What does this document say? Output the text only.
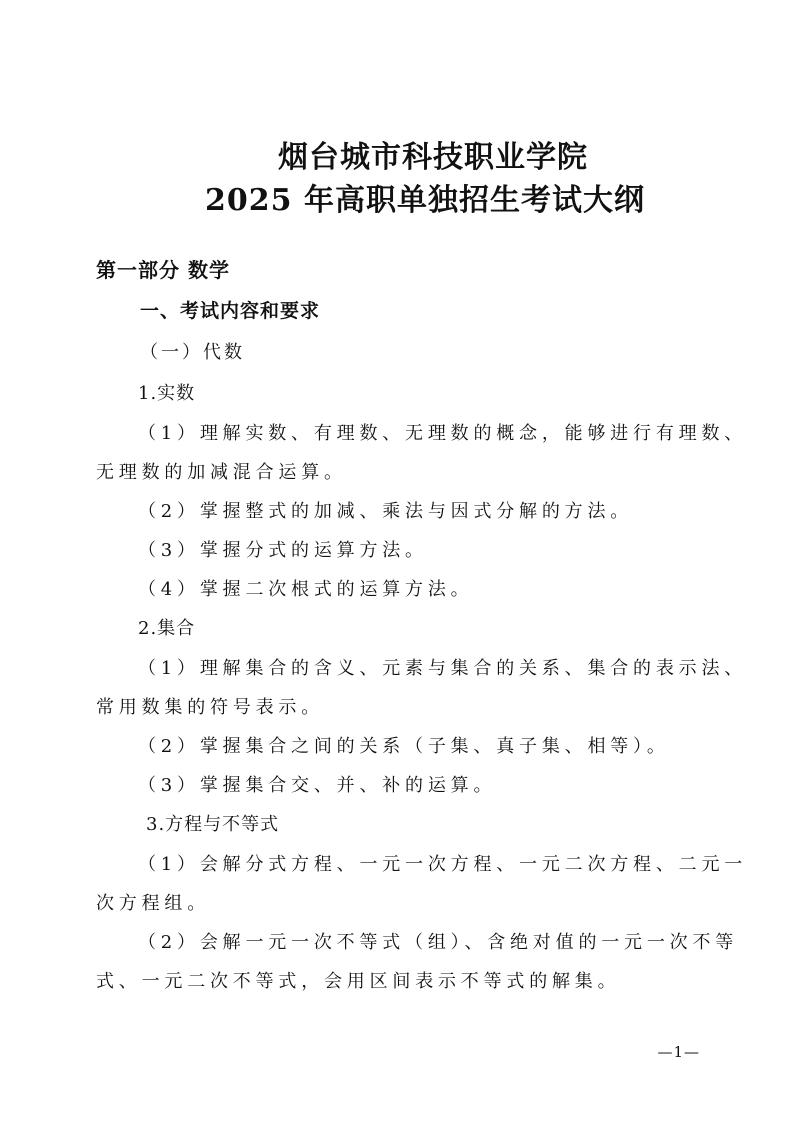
烟台城市科技职业学院
2025 年高职单独招生考试大纲
第一部分 数学
一、考试内容和要求
（一）代数
1.实数
（1）理解实数、有理数、无理数的概念，能够进行有理数、
无理数的加减混合运算。
（2）掌握整式的加减、乘法与因式分解的方法。
（3）掌握分式的运算方法。
（4）掌握二次根式的运算方法。
2.集合
（1）理解集合的含义、元素与集合的关系、集合的表示法、
常用数集的符号表示。
（2）掌握集合之间的关系（子集、真子集、相等）。
（3）掌握集合交、并、补的运算。
3.方程与不等式
（1）会解分式方程、一元一次方程、一元二次方程、二元一
次方程组。
（2）会解一元一次不等式（组）、含绝对值的一元一次不等
式、一元二次不等式，会用区间表示不等式的解集。
—1—
